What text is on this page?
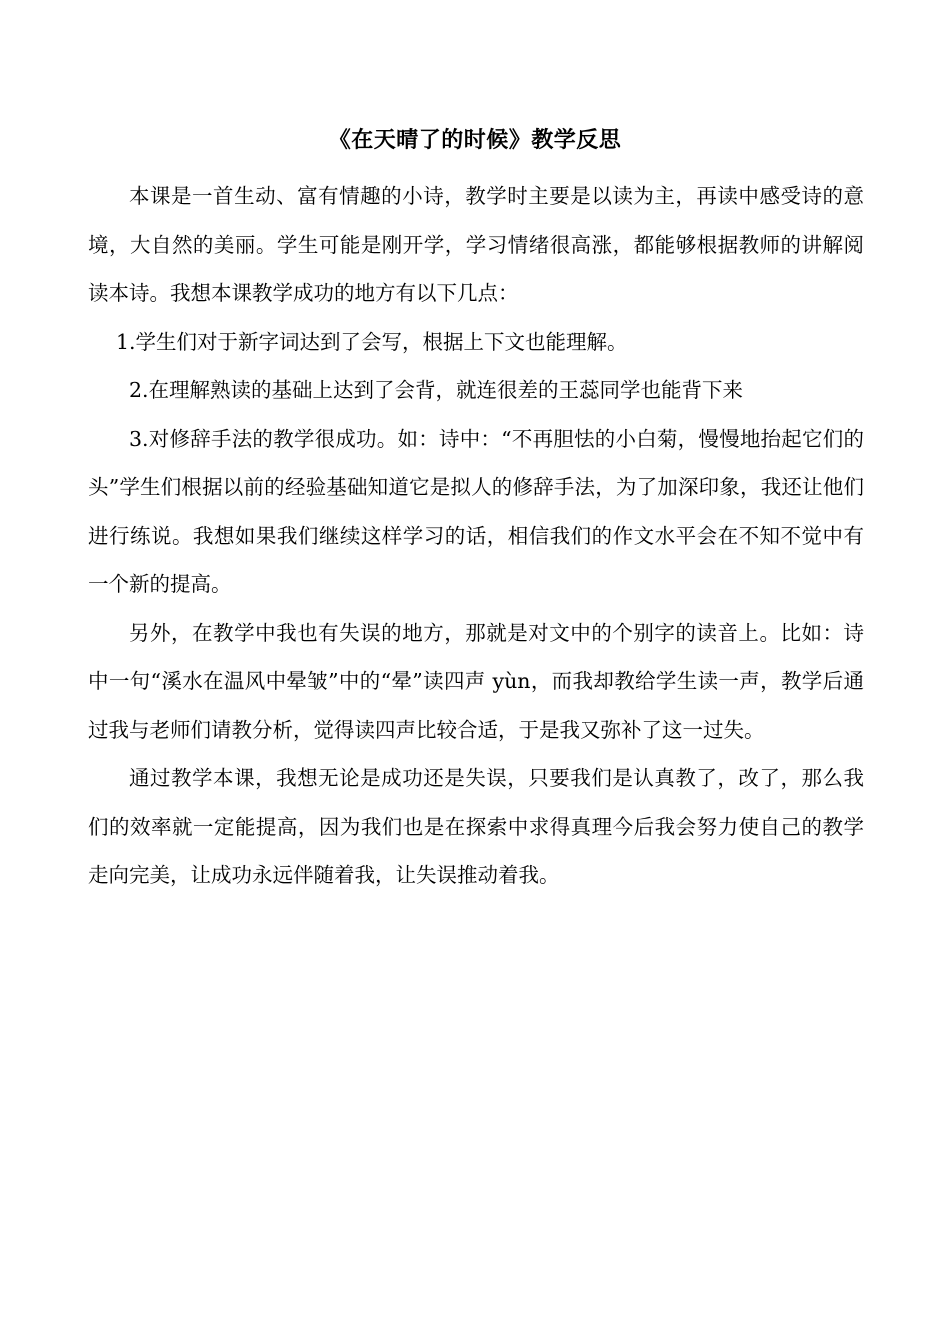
《在天晴了的时候》教学反思

本课是一首生动、富有情趣的小诗，教学时主要是以读为主，再读中感受诗的意境，大自然的美丽。学生可能是刚开学，学习情绪很高涨，都能够根据教师的讲解阅读本诗。我想本课教学成功的地方有以下几点：

1.学生们对于新字词达到了会写，根据上下文也能理解。

2.在理解熟读的基础上达到了会背，就连很差的王蕊同学也能背下来

3.对修辞手法的教学很成功。如：诗中：“不再胆怯的小白菊，慢慢地抬起它们的头”学生们根据以前的经验基础知道它是拟人的修辞手法，为了加深印象，我还让他们进行练说。我想如果我们继续这样学习的话，相信我们的作文水平会在不知不觉中有一个新的提高。

另外，在教学中我也有失误的地方，那就是对文中的个别字的读音上。比如：诗中一句“溪水在温风中晕皱”中的“晕”读四声 yùn，而我却教给学生读一声，教学后通过我与老师们请教分析，觉得读四声比较合适，于是我又弥补了这一过失。

通过教学本课，我想无论是成功还是失误，只要我们是认真教了，改了，那么我们的效率就一定能提高，因为我们也是在探索中求得真理今后我会努力使自己的教学走向完美，让成功永远伴随着我，让失误推动着我。
